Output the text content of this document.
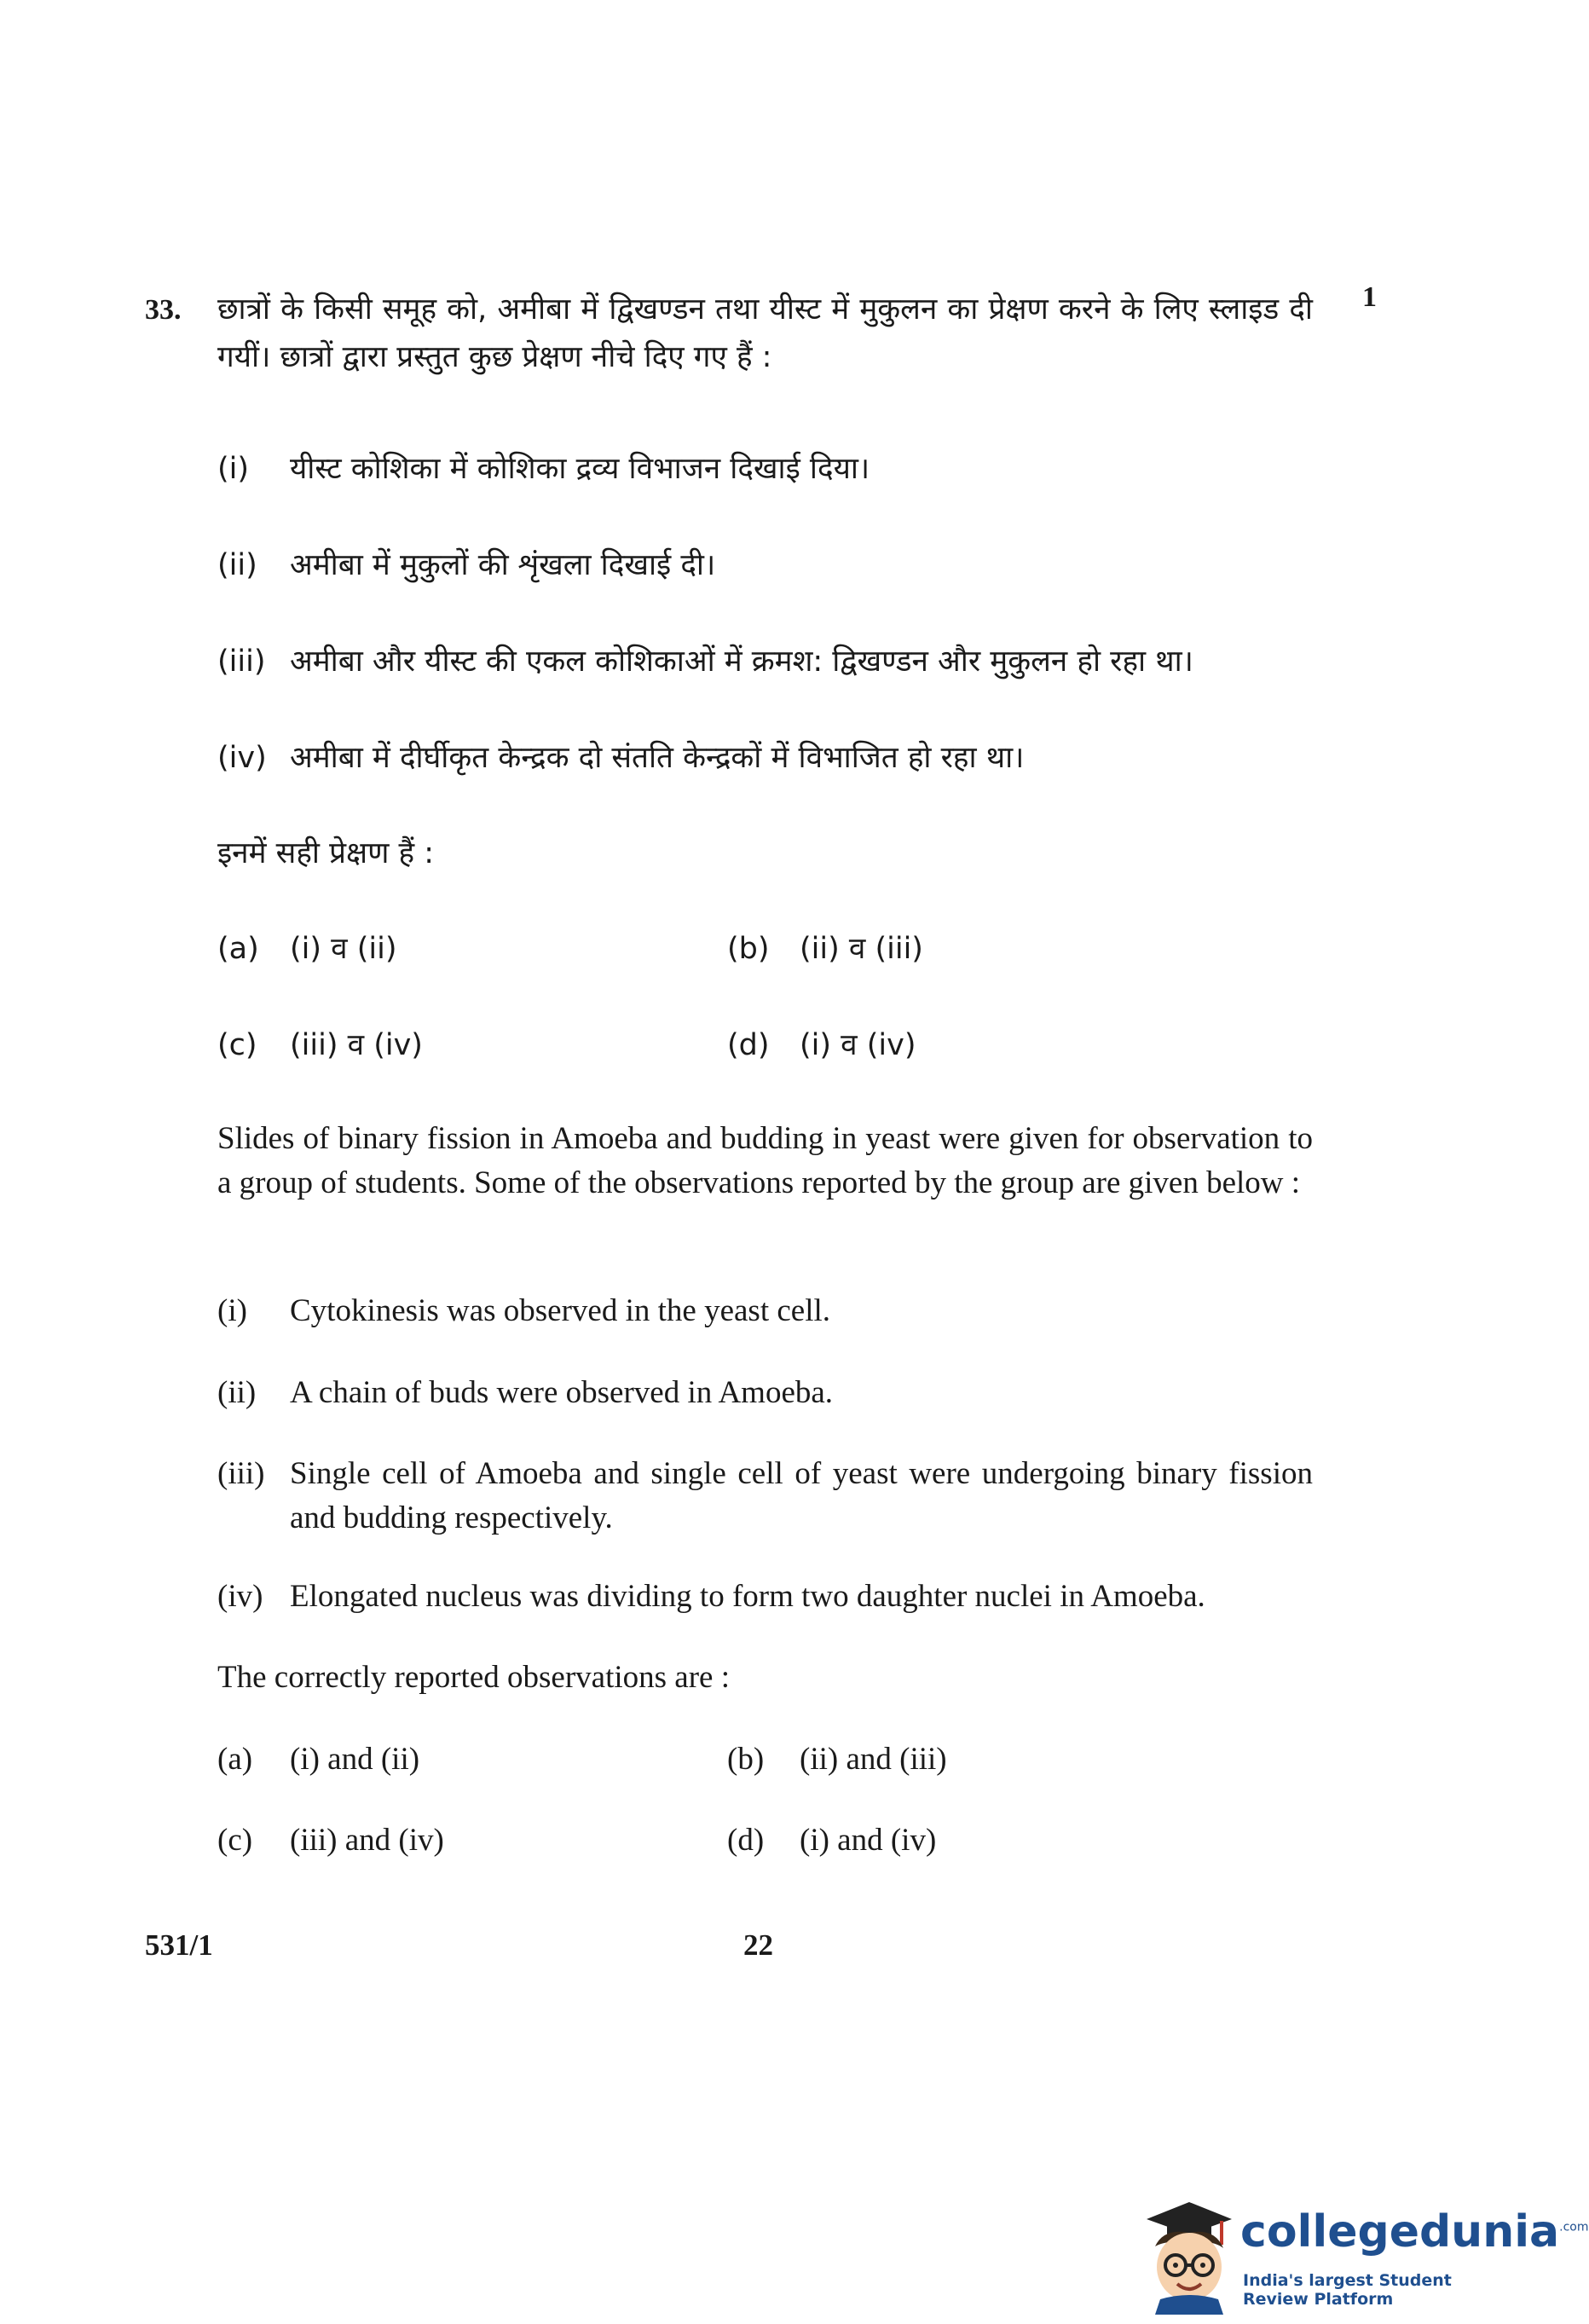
33.	1
छात्रों के किसी समूह को, अमीबा में द्विखण्डन तथा यीस्ट में मुकुलन का प्रेक्षण करने के लिए स्लाइड दी गयीं। छात्रों द्वारा प्रस्तुत कुछ प्रेक्षण नीचे दिए गए हैं :
(i)	यीस्ट कोशिका में कोशिका द्रव्य विभाजन दिखाई दिया।
(ii)	अमीबा में मुकुलों की शृंखला दिखाई दी।
(iii) अमीबा और यीस्ट की एकल कोशिकाओं में क्रमश: द्विखण्डन और मुकुलन हो रहा था।
(iv) अमीबा में दीर्घीकृत केन्द्रक दो संतति केन्द्रकों में विभाजित हो रहा था।
इनमें सही प्रेक्षण हैं :
(a)	(i) व (ii)	(b)	(ii) व (iii)
(c)	(iii) व (iv)	(d)	(i) व (iv)
Slides of binary fission in Amoeba and budding in yeast were given for observation to a group of students. Some of the observations reported by the group are given below :
(i)	Cytokinesis was observed in the yeast cell.
(ii)	A chain of buds were observed in Amoeba.
(iii) Single cell of Amoeba and single cell of yeast were undergoing binary fission and budding respectively.
(iv) Elongated nucleus was dividing to form two daughter nuclei in Amoeba.
The correctly reported observations are :
(a)	(i) and (ii)	(b)	(ii) and (iii)
(c)	(iii) and (iv)	(d)	(i) and (iv)
531/1	22
collegedunia$^{.com}$
India's largest Student Review Platform
